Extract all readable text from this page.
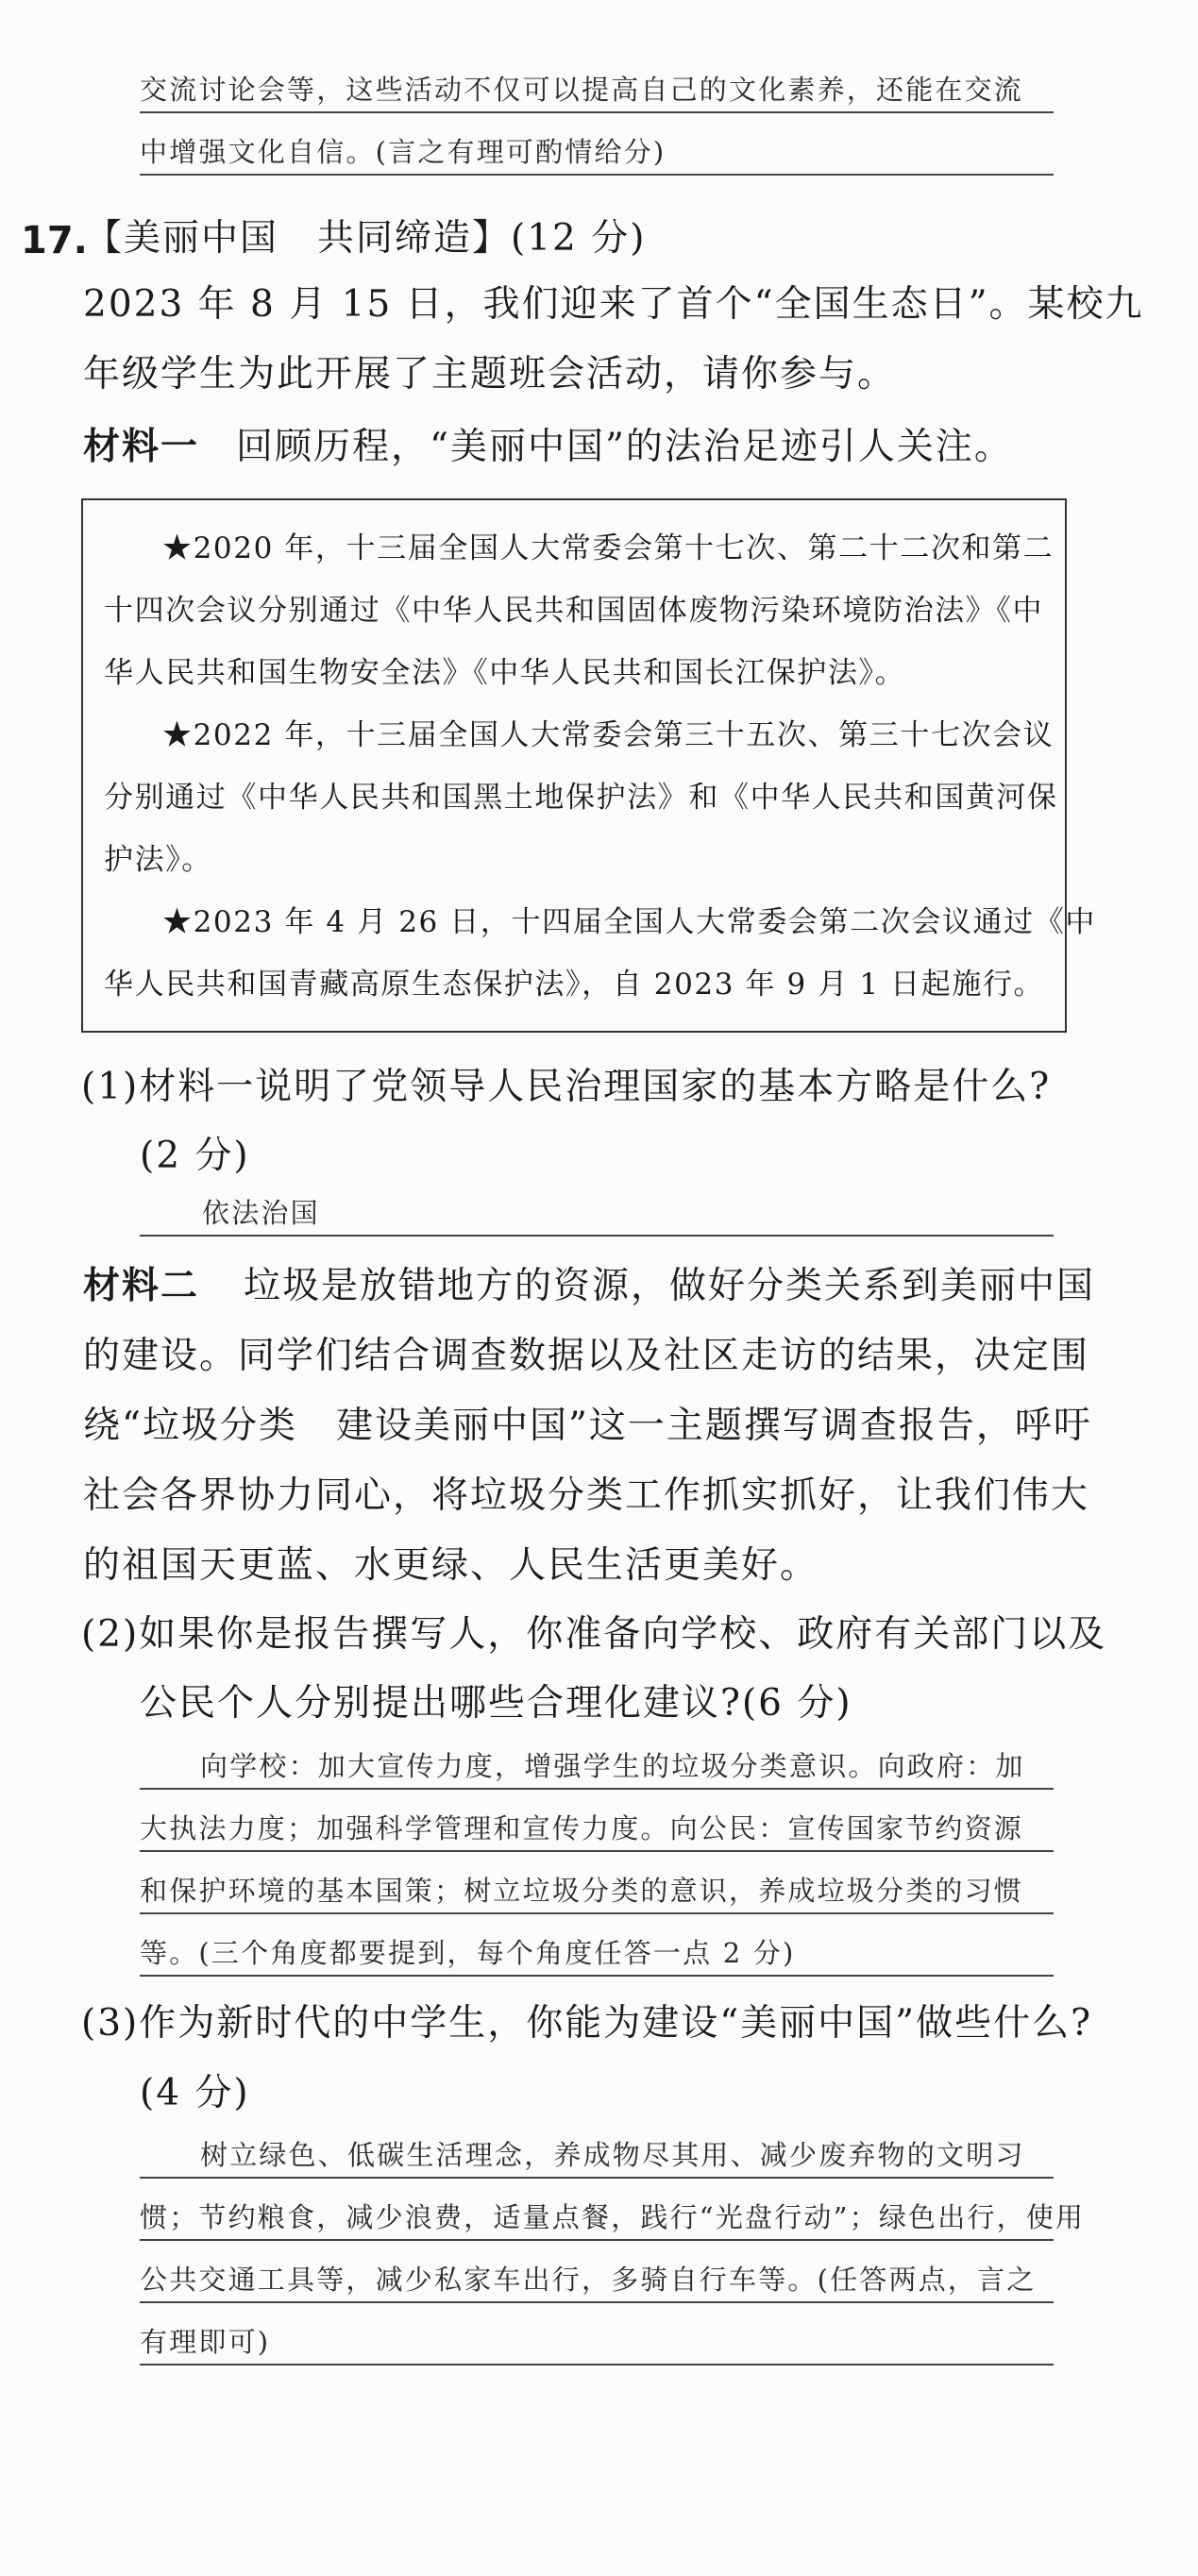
交流讨论会等，这些活动不仅可以提高自己的文化素养，还能在交流
中增强文化自信。(言之有理可酌情给分)
17.
【美丽中国　共同缔造】(12 分)
2023 年 8 月 15 日，我们迎来了首个“全国生态日”。某校九
年级学生为此开展了主题班会活动，请你参与。
材料一 回顾历程，“美丽中国”的法治足迹引人关注。
★2020 年，十三届全国人大常委会第十七次、第二十二次和第二
十四次会议分别通过《中华人民共和国固体废物污染环境防治法》《中
华人民共和国生物安全法》《中华人民共和国长江保护法》。
★2022 年，十三届全国人大常委会第三十五次、第三十七次会议
分别通过《中华人民共和国黑土地保护法》和《中华人民共和国黄河保
护法》。
★2023 年 4 月 26 日，十四届全国人大常委会第二次会议通过《中
华人民共和国青藏高原生态保护法》，自 2023 年 9 月 1 日起施行。
(1)材料一说明了党领导人民治理国家的基本方略是什么?
(2 分)
依法治国
材料二 垃圾是放错地方的资源，做好分类关系到美丽中国
的建设。同学们结合调查数据以及社区走访的结果，决定围
绕“垃圾分类　建设美丽中国”这一主题撰写调查报告，呼吁
社会各界协力同心，将垃圾分类工作抓实抓好，让我们伟大
的祖国天更蓝、水更绿、人民生活更美好。
(2)如果你是报告撰写人，你准备向学校、政府有关部门以及
公民个人分别提出哪些合理化建议?(6 分)
向学校：加大宣传力度，增强学生的垃圾分类意识。向政府：加
大执法力度；加强科学管理和宣传力度。向公民：宣传国家节约资源
和保护环境的基本国策；树立垃圾分类的意识，养成垃圾分类的习惯
等。(三个角度都要提到，每个角度任答一点 2 分)
(3)作为新时代的中学生，你能为建设“美丽中国”做些什么?
(4 分)
树立绿色、低碳生活理念，养成物尽其用、减少废弃物的文明习
惯；节约粮食，减少浪费，适量点餐，践行“光盘行动”；绿色出行，使用
公共交通工具等，减少私家车出行，多骑自行车等。(任答两点，言之
有理即可)
